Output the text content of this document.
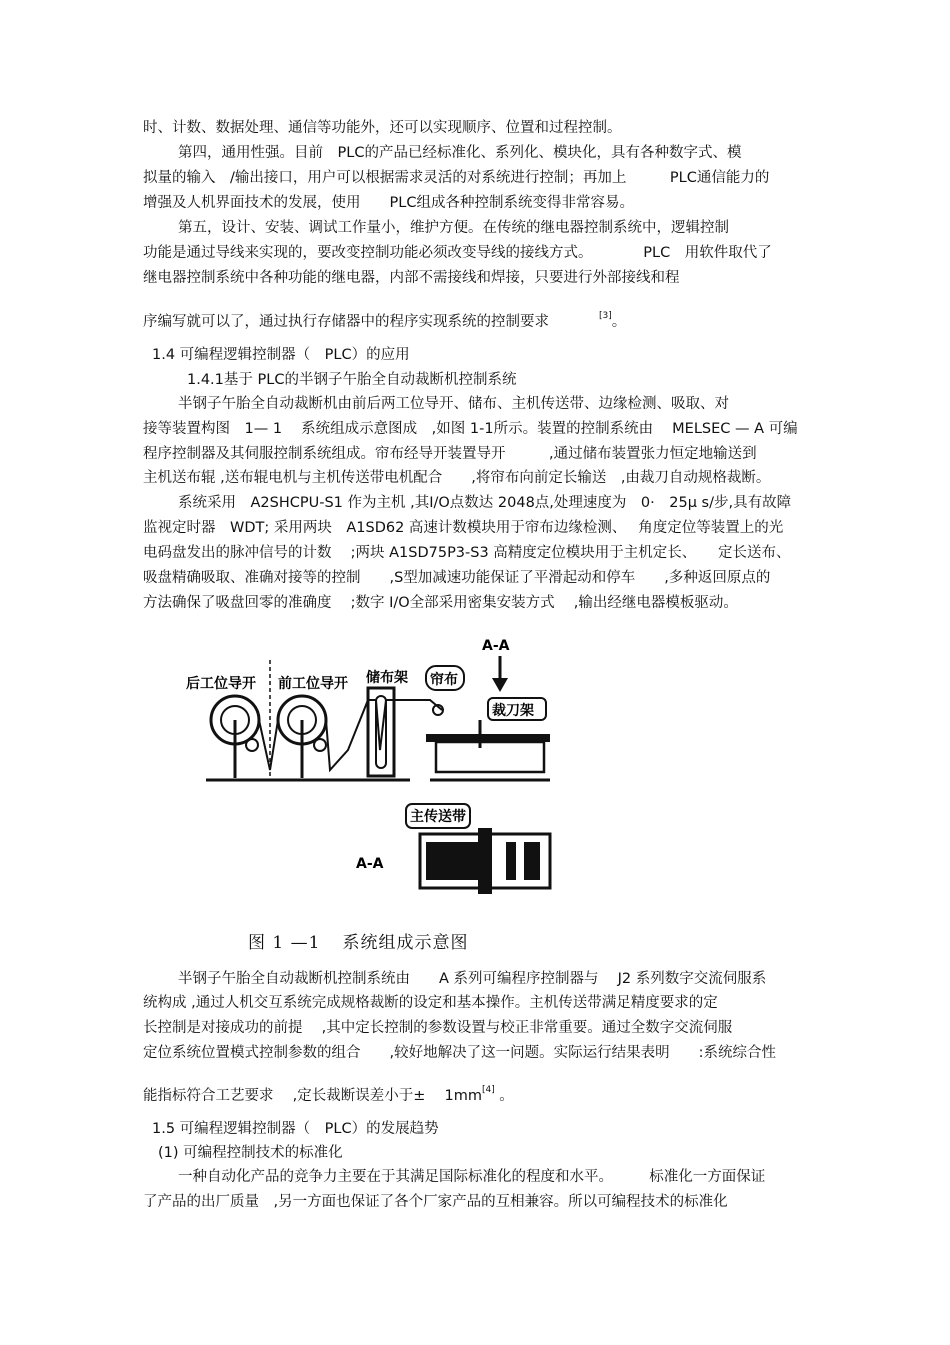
时、计数、数据处理、通信等功能外，还可以实现顺序、位置和过程控制。
第四，通用性强。目前　PLC的产品已经标准化、系列化、模块化，具有各种数字式、模
拟量的输入　/输出接口，用户可以根据需求灵活的对系统进行控制；再加上　　　PLC通信能力的
增强及人机界面技术的发展，使用　　PLC组成各种控制系统变得非常容易。
第五，设计、安装、调试工作量小，维护方便。在传统的继电器控制系统中，逻辑控制
功能是通过导线来实现的，要改变控制功能必须改变导线的接线方式。　　　　PLC　用软件取代了
继电器控制系统中各种功能的继电器，内部不需接线和焊接，只要进行外部接线和程
序编写就可以了，通过执行存储器中的程序实现系统的控制要求	[3]。
1.4 可编程逻辑控制器（　PLC）的应用
1.4.1基于 PLC的半钢子午胎全自动裁断机控制系统
半钢子午胎全自动裁断机由前后两工位导开、储布、主机传送带、边缘检测、吸取、对
接等装置构图　1— 1　 系统组成示意图成　,如图 1-1所示。装置的控制系统由　 MELSEC — A 可编
程序控制器及其伺服控制系统组成。帘布经导开装置导开　　　,通过储布装置张力恒定地输送到
主机送布辊 ,送布辊电机与主机传送带电机配合　　,将帘布向前定长输送　,由裁刀自动规格裁断。
系统采用　A2SHCPU-S1 作为主机 ,其I/O点数达 2048点,处理速度为　0·　25μ s/步,具有故障
监视定时器　WDT; 采用两块　A1SD62 高速计数模块用于帘布边缘检测、　 角度定位等装置上的光
电码盘发出的脉冲信号的计数　 ;两块 A1SD75P3-S3 高精度定位模块用于主机定长、　　定长送布、
吸盘精确吸取、准确对接等的控制　　,S型加减速功能保证了平滑起动和停车　　,多种返回原点的
方法确保了吸盘回零的准确度　 ;数字 I/O全部采用密集安装方式　 ,输出经继电器模板驱动。
后工位导开 前工位导开 储布架 帘布
A-A
裁刀架
主传送带
A-A
图 1 —1 系统组成示意图
半钢子午胎全自动裁断机控制系统由　　A 系列可编程序控制器与　 J2 系列数字交流伺服系
统构成 ,通过人机交互系统完成规格裁断的设定和基本操作。主机传送带满足精度要求的定
长控制是对接成功的前提　 ,其中定长控制的参数设置与校正非常重要。通过全数字交流伺服
定位系统位置模式控制参数的组合　　,较好地解决了这一问题。实际运行结果表明　　:系统综合性
能指标符合工艺要求　 ,定长裁断误差小于±　 1mm[4] 。
1.5 可编程逻辑控制器（　PLC）的发展趋势
(1) 可编程控制技术的标准化
一种自动化产品的竞争力主要在于其满足国际标准化的程度和水平。　　　标准化一方面保证
了产品的出厂质量　,另一方面也保证了各个厂家产品的互相兼容。所以可编程技术的标准化
